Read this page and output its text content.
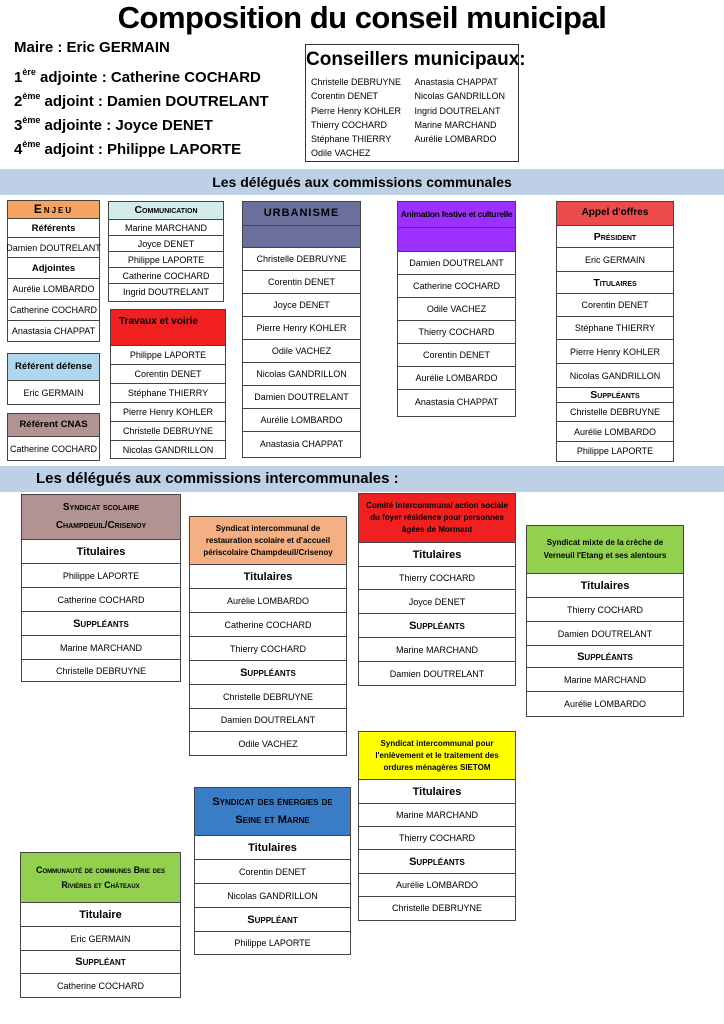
Composition du conseil municipal
Maire : Eric GERMAIN
1ère adjointe : Catherine COCHARD
2ème adjoint : Damien DOUTRELANT
3ème adjointe : Joyce DENET
4ème adjoint : Philippe LAPORTE
Conseillers municipaux:
Christelle DEBRUYNE
Corentin DENET
Pierre Henry KOHLER
Thierry COCHARD
Stéphane THIERRY
Odile VACHEZ
Anastasia CHAPPAT
Nicolas GANDRILLON
Ingrid DOUTRELANT
Marine MARCHAND
Aurélie LOMBARDO
Les délégués aux commissions communales
Enjeu
Référents
Damien DOUTRELANT
Adjointes
Aurélie LOMBARDO
Catherine COCHARD
Anastasia CHAPPAT
Référent défense
Eric GERMAIN
Référent CNAS
Catherine COCHARD
Communication
Marine MARCHAND
Joyce DENET
Philippe LAPORTE
Catherine COCHARD
Ingrid DOUTRELANT
Travaux et voirie
Philippe LAPORTE
Corentin DENET
Stéphane THIERRY
Pierre Henry KOHLER
Christelle DEBRUYNE
Nicolas GANDRILLON
URBANISME
Christelle DEBRUYNE
Corentin DENET
Joyce DENET
Pierre Henry KOHLER
Odile VACHEZ
Nicolas GANDRILLON
Damien DOUTRELANT
Aurélie LOMBARDO
Anastasia CHAPPAT
Animation festive et culturelle
Damien DOUTRELANT
Catherine COCHARD
Odile VACHEZ
Thierry COCHARD
Corentin DENET
Aurélie LOMBARDO
Anastasia CHAPPAT
Appel d'offres
Président
Eric GERMAIN
Titulaires
Corentin DENET
Stéphane THIERRY
Pierre Henry KOHLER
Nicolas GANDRILLON
Suppléants
Christelle DEBRUYNE
Aurélie LOMBARDO
Philippe LAPORTE
Les délégués aux commissions intercommunales :
Syndicat scolaire Champdeuil/Crisenoy
Titulaires
Philippe LAPORTE
Catherine COCHARD
Suppléants
Marine MARCHAND
Christelle DEBRUYNE
Syndicat intercommunal de restauration scolaire et d'accueil périscolaire Champdeuil/Crisenoy
Titulaires
Aurélie LOMBARDO
Catherine COCHARD
Thierry COCHARD
Suppléants
Christelle DEBRUYNE
Damien DOUTRELANT
Odile VACHEZ
Comité intercommunal action sociale du foyer résidence pour personnes âgées de Mormant
Titulaires
Thierry COCHARD
Joyce DENET
Suppléants
Marine MARCHAND
Damien DOUTRELANT
Syndicat mixte de la crèche de Verneuil l'Etang et ses alentours
Titulaires
Thierry COCHARD
Damien DOUTRELANT
Suppléants
Marine MARCHAND
Aurélie LOMBARDO
Syndicat intercommunal pour l'enlèvement et le traitement des ordures ménagères SIETOM
Titulaires
Marine MARCHAND
Thierry COCHARD
Suppléants
Aurélie LOMBARDO
Christelle DEBRUYNE
Syndicat des énergies de Seine et Marne
Titulaires
Corentin DENET
Nicolas GANDRILLON
Suppléant
Philippe LAPORTE
Communauté de communes Brie des Rivières et Châteaux
Titulaire
Eric GERMAIN
Suppléant
Catherine COCHARD
